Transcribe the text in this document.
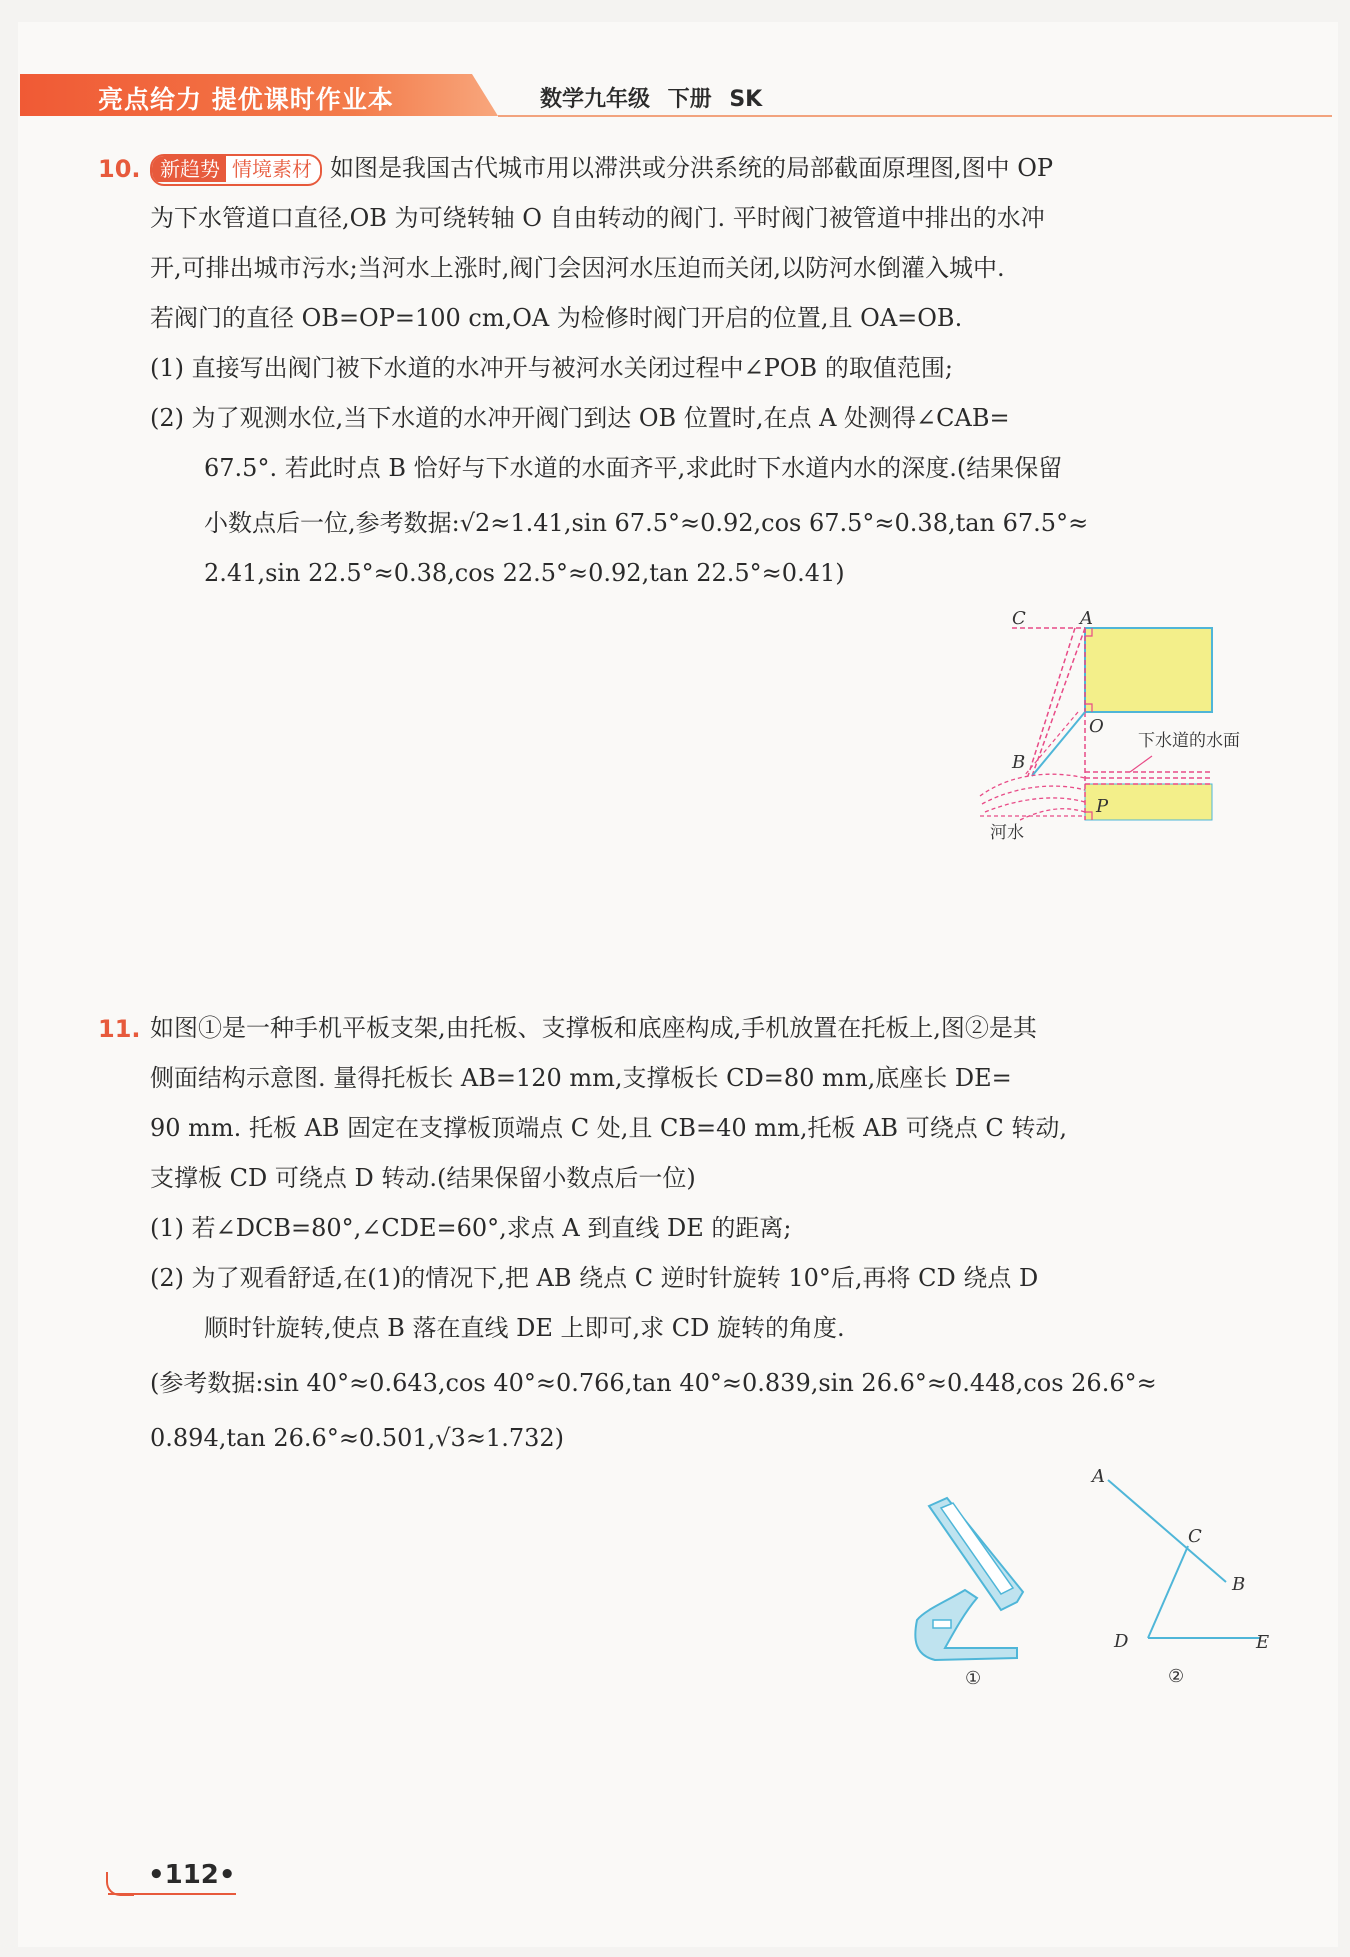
亮点给力 提优课时作业本	数学九年级 下册 SK
10. 新趋势 情境素材 如图是我国古代城市用以滞洪或分洪系统的局部截面原理图,图中 OP
为下水管道口直径,OB 为可绕转轴 O 自由转动的阀门. 平时阀门被管道中排出的水冲
开,可排出城市污水;当河水上涨时,阀门会因河水压迫而关闭,以防河水倒灌入城中.
若阀门的直径 OB=OP=100 cm,OA 为检修时阀门开启的位置,且 OA=OB.
(1) 直接写出阀门被下水道的水冲开与被河水关闭过程中∠POB 的取值范围;
(2) 为了观测水位,当下水道的水冲开阀门到达 OB 位置时,在点 A 处测得∠CAB=
67.5°. 若此时点 B 恰好与下水道的水面齐平,求此时下水道内水的深度.(结果保留
小数点后一位,参考数据:√2≈1.41,sin 67.5°≈0.92,cos 67.5°≈0.38,tan 67.5°≈
2.41,sin 22.5°≈0.38,cos 22.5°≈0.92,tan 22.5°≈0.41)
C	A
O
B
P
下水道的水面
河水
11. 如图①是一种手机平板支架,由托板、支撑板和底座构成,手机放置在托板上,图②是其
侧面结构示意图. 量得托板长 AB=120 mm,支撑板长 CD=80 mm,底座长 DE=
90 mm. 托板 AB 固定在支撑板顶端点 C 处,且 CB=40 mm,托板 AB 可绕点 C 转动,
支撑板 CD 可绕点 D 转动.(结果保留小数点后一位)
(1) 若∠DCB=80°,∠CDE=60°,求点 A 到直线 DE 的距离;
(2) 为了观看舒适,在(1)的情况下,把 AB 绕点 C 逆时针旋转 10°后,再将 CD 绕点 D
顺时针旋转,使点 B 落在直线 DE 上即可,求 CD 旋转的角度.
(参考数据:sin 40°≈0.643,cos 40°≈0.766,tan 40°≈0.839,sin 26.6°≈0.448,cos 26.6°≈
0.894,tan 26.6°≈0.501,√3≈1.732)
①
A
C
B
D	E
②
•112•
